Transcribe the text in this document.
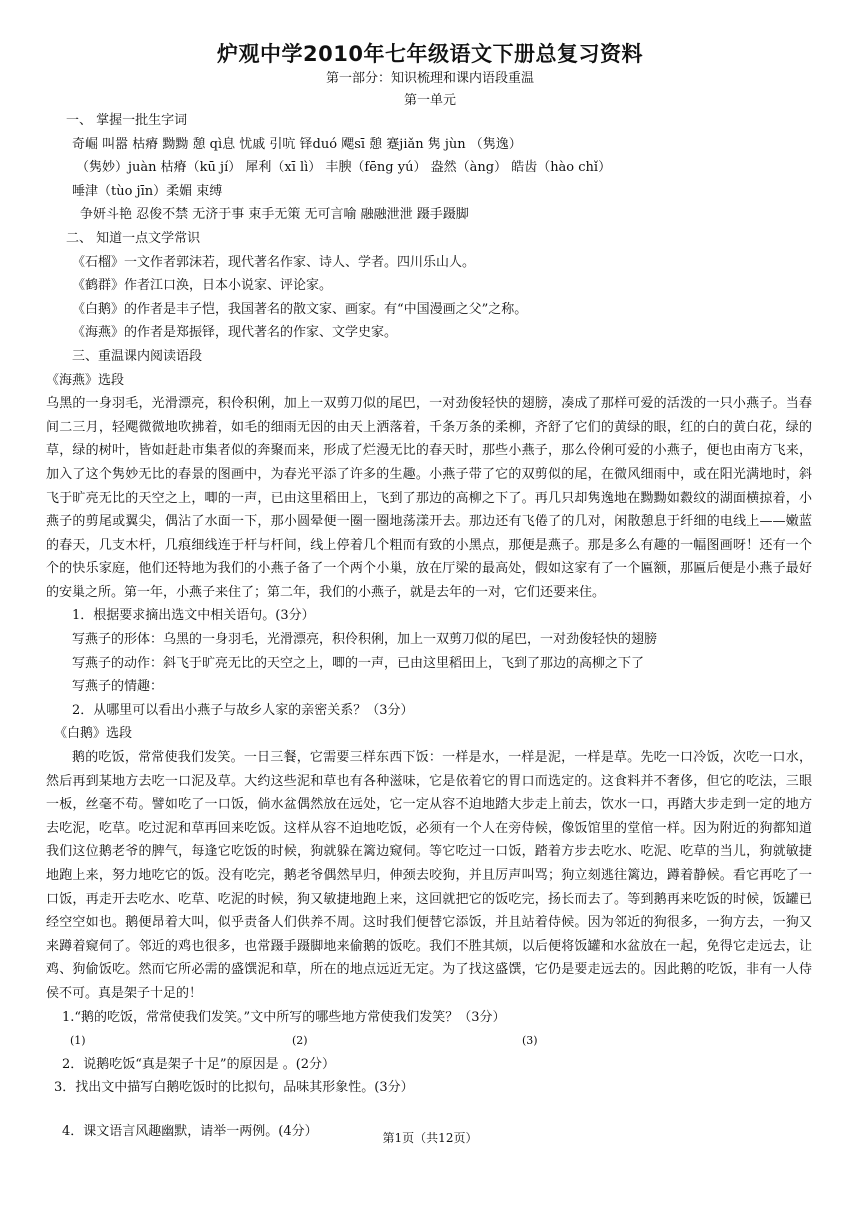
炉观中学2010年七年级语文下册总复习资料
第一部分：知识梳理和课内语段重温
第一单元
一、 掌握一批生字词
奇崛 叫嚣 枯瘠 黝黝 憩 qì息 忧戚 引吭 铎duó 飔sī 憩 蹇jiǎn 隽 jùn （隽逸）
（隽妙）juàn 枯瘠（kū jí） 犀利（xī lì） 丰腴（fēng yú） 盎然（àng） 皓齿（hào chǐ）
唾津（tùo jīn）柔媚 束缚
争妍斗艳 忍俊不禁 无济于事 束手无策 无可言喻 融融泄泄 蹑手蹑脚
二、 知道一点文学常识
《石榴》一文作者郭沫若，现代著名作家、诗人、学者。四川乐山人。
《鹤群》作者江口涣，日本小说家、评论家。
《白鹅》的作者是丰子恺，我国著名的散文家、画家。有“中国漫画之父”之称。
《海燕》的作者是郑振铎，现代著名的作家、文学史家。
三、重温课内阅读语段
《海燕》选段
乌黑的一身羽毛，光滑漂亮，积伶积俐，加上一双剪刀似的尾巴，一对劲俊轻快的翅膀，凑成了那样可爱的活泼的一只小燕子。当春间二三月，轻飔微微地吹拂着，如毛的细雨无因的由天上洒落着，千条万条的柔柳，齐舒了它们的黄绿的眼，红的白的黄白花，绿的草，绿的树叶，皆如赶赴市集者似的奔聚而来，形成了烂漫无比的春天时，那些小燕子，那么伶俐可爱的小燕子，便也由南方飞来，加入了这个隽妙无比的春景的图画中，为春光平添了许多的生趣。小燕子带了它的双剪似的尾，在微风细雨中，或在阳光满地时，斜飞于旷亮无比的天空之上，唧的一声，已由这里稻田上，飞到了那边的高柳之下了。再几只却隽逸地在黝黝如縠纹的湖面横掠着，小燕子的剪尾或翼尖，偶沾了水面一下，那小圆晕便一圈一圈地荡漾开去。那边还有飞倦了的几对，闲散憩息于纤细的电线上——嫩蓝的春天，几支木杆，几痕细线连于杆与杆间，线上停着几个粗而有致的小黑点，那便是燕子。那是多么有趣的一幅图画呀！还有一个个的快乐家庭，他们还特地为我们的小燕子备了一个两个小巢，放在厅梁的最高处，假如这家有了一个匾额，那匾后便是小燕子最好的安巢之所。第一年，小燕子来住了；第二年，我们的小燕子，就是去年的一对，它们还要来住。
1．根据要求摘出选文中相关语句。(3分）
写燕子的形体：乌黑的一身羽毛，光滑漂亮，积伶积俐，加上一双剪刀似的尾巴，一对劲俊轻快的翅膀
写燕子的动作：斜飞于旷亮无比的天空之上，唧的一声，已由这里稻田上，飞到了那边的高柳之下了
写燕子的情趣：
2．从哪里可以看出小燕子与故乡人家的亲密关系？（3分）
《白鹅》选段
鹅的吃饭，常常使我们发笑。一日三餐，它需要三样东西下饭：一样是水，一样是泥，一样是草。先吃一口冷饭，次吃一口水，然后再到某地方去吃一口泥及草。大约这些泥和草也有各种滋味，它是依着它的胃口而选定的。这食料并不奢侈，但它的吃法，三眼一板，丝毫不苟。譬如吃了一口饭，倘水盆偶然放在远处，它一定从容不迫地踏大步走上前去，饮水一口，再踏大步走到一定的地方去吃泥，吃草。吃过泥和草再回来吃饭。这样从容不迫地吃饭，必须有一个人在旁侍候，像饭馆里的堂倌一样。因为附近的狗都知道我们这位鹅老爷的脾气，每逢它吃饭的时候，狗就躲在篱边窥伺。等它吃过一口饭，踏着方步去吃水、吃泥、吃草的当儿，狗就敏捷地跑上来，努力地吃它的饭。没有吃完，鹅老爷偶然早归，伸颈去咬狗，并且厉声叫骂；狗立刻逃往篱边，蹲着静候。看它再吃了一口饭，再走开去吃水、吃草、吃泥的时候，狗又敏捷地跑上来，这回就把它的饭吃完，扬长而去了。等到鹅再来吃饭的时候，饭罐已经空空如也。鹅便昂着大叫，似乎责备人们供养不周。这时我们便替它添饭，并且站着侍候。因为邻近的狗很多，一狗方去，一狗又来蹲着窥伺了。邻近的鸡也很多，也常蹑手蹑脚地来偷鹅的饭吃。我们不胜其烦，以后便将饭罐和水盆放在一起，免得它走远去，让鸡、狗偷饭吃。然而它所必需的盛馔泥和草，所在的地点远近无定。为了找这盛馔，它仍是要走远去的。因此鹅的吃饭，非有一人侍侯不可。真是架子十足的！
1.“鹅的吃饭，常常使我们发笑。”文中所写的哪些地方常使我们发笑？（3分）
(1)	(2)	(3)
2．说鹅吃饭“真是架子十足”的原因是 。(2分）
3．找出文中描写白鹅吃饭时的比拟句，品味其形象性。(3分）
4．课文语言风趣幽默，请举一两例。(4分）	第1页（共12页）
